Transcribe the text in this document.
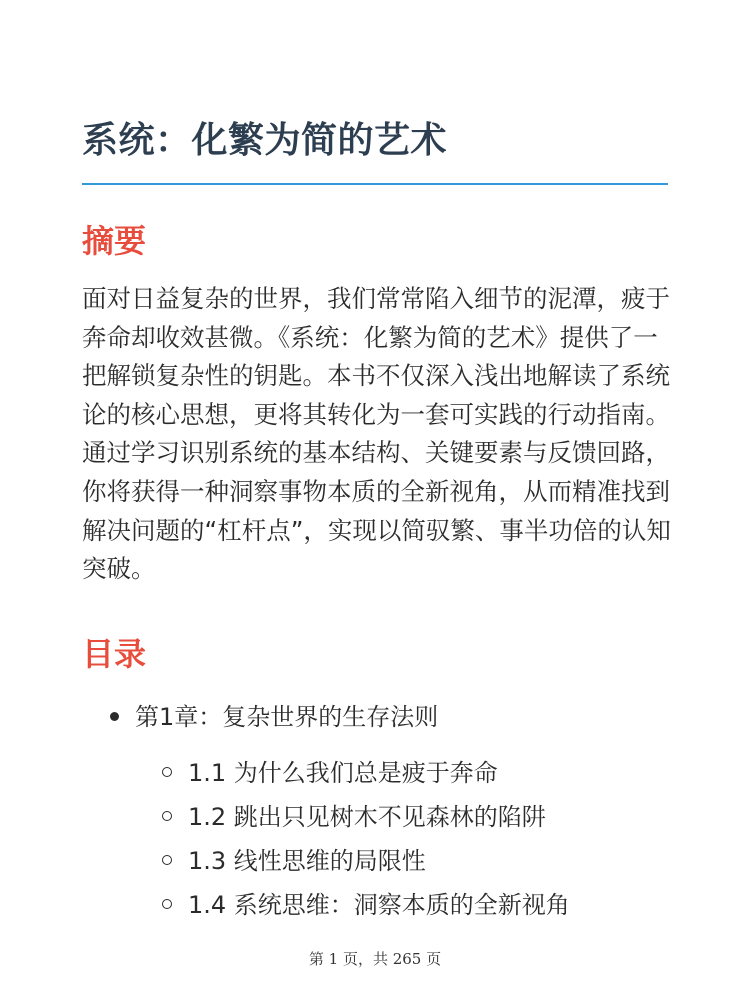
系统：化繁为简的艺术
摘要

面对日益复杂的世界，我们常常陷入细节的泥潭，疲于奔命却收效甚微。《系统：化繁为简的艺术》提供了一把解锁复杂性的钥匙。本书不仅深入浅出地解读了系统论的核心思想，更将其转化为一套可实践的行动指南。通过学习识别系统的基本结构、关键要素与反馈回路，你将获得一种洞察事物本质的全新视角，从而精准找到解决问题的“杠杆点”，实现以简驭繁、事半功倍的认知突破。

目录
第1章：复杂世界的生存法则
1.1 为什么我们总是疲于奔命
1.2 跳出只见树木不见森林的陷阱
1.3 线性思维的局限性
1.4 系统思维：洞察本质的全新视角
第 1 页，共 265 页
